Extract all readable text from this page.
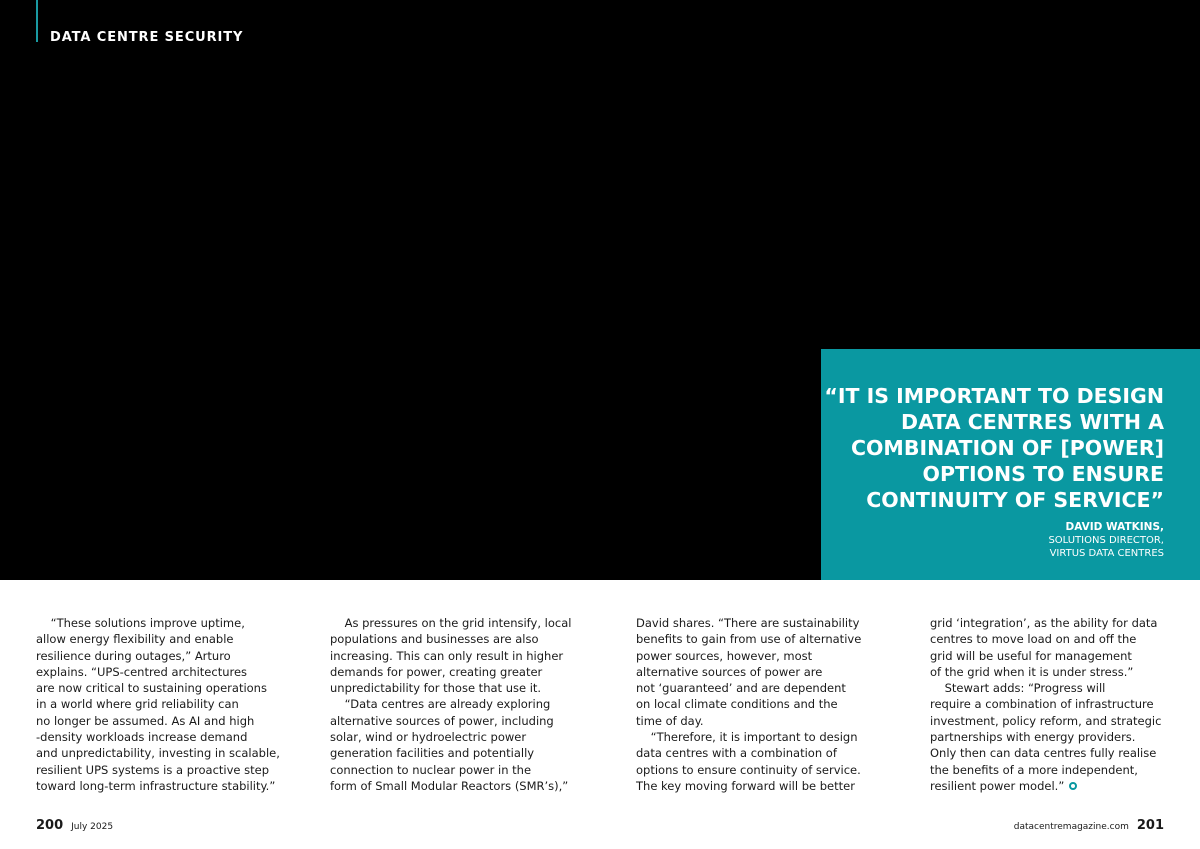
DATA CENTRE SECURITY
“IT IS IMPORTANT TO DESIGN
DATA CENTRES WITH A
COMBINATION OF [POWER]
OPTIONS TO ENSURE
CONTINUITY OF SERVICE”
DAVID WATKINS,
SOLUTIONS DIRECTOR,
VIRTUS DATA CENTRES
“These solutions improve uptime,
allow energy flexibility and enable
resilience during outages,” Arturo
explains. “UPS-centred architectures
are now critical to sustaining operations
in a world where grid reliability can
no longer be assumed. As AI and high
-density workloads increase demand
and unpredictability, investing in scalable,
resilient UPS systems is a proactive step
toward long-term infrastructure stability.”
As pressures on the grid intensify, local
populations and businesses are also
increasing. This can only result in higher
demands for power, creating greater
unpredictability for those that use it.
“Data centres are already exploring
alternative sources of power, including
solar, wind or hydroelectric power
generation facilities and potentially
connection to nuclear power in the
form of Small Modular Reactors (SMR’s),”
David shares. “There are sustainability
benefits to gain from use of alternative
power sources, however, most
alternative sources of power are
not ‘guaranteed’ and are dependent
on local climate conditions and the
time of day.
“Therefore, it is important to design
data centres with a combination of
options to ensure continuity of service.
The key moving forward will be better
grid ‘integration’, as the ability for data
centres to move load on and off the
grid will be useful for management
of the grid when it is under stress.”
Stewart adds: “Progress will
require a combination of infrastructure
investment, policy reform, and strategic
partnerships with energy providers.
Only then can data centres fully realise
the benefits of a more independent,
resilient power model.”
200 July 2025	datacentremagazine.com 201
